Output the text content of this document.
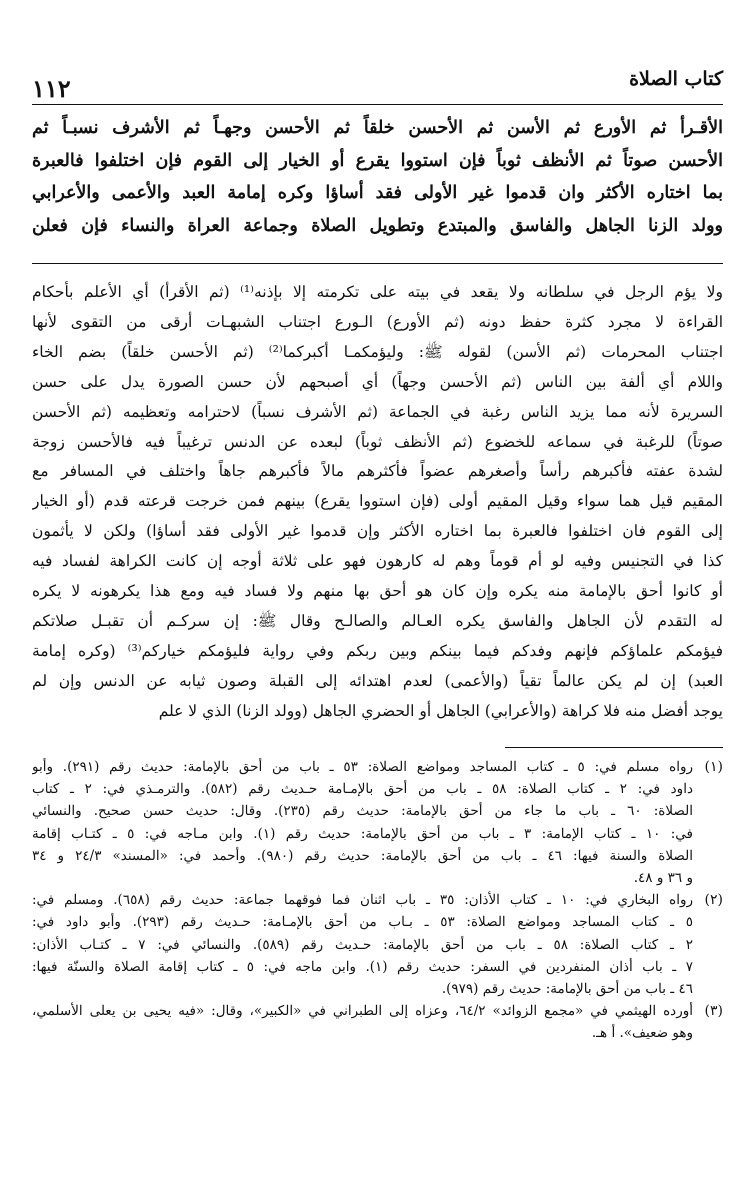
كتاب الصلاة
١١٢

الأقـرأ ثم الأورع ثم الأسن ثم الأحسن خلقاً ثم الأحسن وجهـاً ثم الأشرف نسبـاً ثم

الأحسن صوتاً ثم الأنظف ثوباً فإن استووا يقرع أو الخيار إلى القوم فإن اختلفوا فالعبرة

بما اختاره الأكثر وان قدموا غير الأولى فقد أساؤا وكره إمامة العبد والأعمى والأعرابي

وولد الزنا الجاهل والفاسق والمبتدع وتطويل الصلاة وجماعة العراة والنساء فإن فعلن

ولا يؤم الرجل في سلطانه ولا يقعد في بيته على تكرمته إلا بإذنه⁽¹⁾ (ثم الأقرأ) أي الأعلم بأحكام

القراءة لا مجرد كثرة حفظ دونه (ثم الأورع) الـورع اجتناب الشبهـات أرقى من التقوى لأنها

اجتناب المحرمات (ثم الأسن) لقوله ﷺ: وليؤمكمـا أكبركما⁽²⁾ (ثم الأحسن خلقاً) بضم الخاء

واللام أي ألفة بين الناس (ثم الأحسن وجهاً) أي أصبحهم لأن حسن الصورة يدل على حسن

السريرة لأنه مما يزيد الناس رغبة في الجماعة (ثم الأشرف نسباً) لاحترامه وتعظيمه (ثم الأحسن

صوتاً) للرغبة في سماعه للخضوع (ثم الأنظف ثوباً) لبعده عن الدنس ترغيباً فيه فالأحسن زوجة

لشدة عفته فأكبرهم رأساً وأصغرهم عضواً فأكثرهم مالاً فأكبرهم جاهاً واختلف في المسافر مع

المقيم قيل هما سواء وقيل المقيم أولى (فإن استووا يقرع) بينهم فمن خرجت قرعته قدم (أو الخيار

إلى القوم فان اختلفوا فالعبرة بما اختاره الأكثر وإن قدموا غير الأولى فقد أساؤا) ولكن لا يأثمون

كذا في التجنيس وفيه لو أم قوماً وهم له كارهون فهو على ثلاثة أوجه إن كانت الكراهة لفساد فيه

أو كانوا أحق بالإمامة منه يكره وإن كان هو أحق بها منهم ولا فساد فيه ومع هذا يكرهونه لا يكره

له التقدم لأن الجاهل والفاسق يكره العـالم والصالـح وقال ﷺ: إن سركـم أن تقبـل صلاتكم

فيؤمكم علماؤكم فإنهم وفدكم فيما بينكم وبين ربكم وفي رواية فليؤمكم خياركم⁽³⁾ (وكره إمامة

العبد) إن لم يكن عالماً تقياً (والأعمى) لعدم اهتدائه إلى القبلة وصون ثيابه عن الدنس وإن لم

يوجد أفضل منه فلا كراهة (والأعرابي) الجاهل أو الحضري الجاهل (وولد الزنا) الذي لا علم

(١)

رواه مسلم في: ٥ ـ كتاب المساجد ومواضع الصلاة: ٥٣ ـ باب من أحق بالإمامة: حديث رقم (٢٩١). وأبو

داود في: ٢ ـ كتاب الصلاة: ٥٨ ـ باب من أحق بالإمـامة حـديث رقم (٥٨٢). والترمـذي في: ٢ ـ كتاب

الصلاة: ٦٠ ـ باب ما جاء من أحق بالإمامة: حديث رقم (٢٣٥). وقال: حديث حسن صحيح. والنسائي

في: ١٠ ـ كتاب الإمامة: ٣ ـ باب من أحق بالإمامة: حديث رقم (١). وابن مـاجه في: ٥ ـ كتـاب إقامة

الصلاة والسنة فيها: ٤٦ ـ باب من أحق بالإمامة: حديث رقم (٩٨٠). وأحمد في: «المسند» ٢٤/٣ و ٣٤

و ٣٦ و ٤٨.

(٢)

رواه البخاري في: ١٠ ـ كتاب الأذان: ٣٥ ـ باب اثنان فما فوقهما جماعة: حديث رقم (٦٥٨). ومسلم في:

٥ ـ كتاب المساجد ومواضع الصلاة: ٥٣ ـ بـاب من أحق بالإمـامة: حـديث رقم (٢٩٣). وأبو داود في:

٢ ـ كتاب الصلاة: ٥٨ ـ باب من أحق بالإمامة: حـديث رقم (٥٨٩). والنسائي في: ٧ ـ كتـاب الأذان:

٧ ـ باب أذان المنفردين في السفر: حديث رقم (١). وابن ماجه في: ٥ ـ كتاب إقامة الصلاة والسنّة فيها:

٤٦ ـ باب من أحق بالإمامة: حديث رقم (٩٧٩).

(٣)

أورده الهيثمي في «مجمع الزوائد» ٦٤/٢، وعزاه إلى الطبراني في «الكبير»، وقال: «فيه يحيى بن يعلى الأسلمي،

وهو ضعيف». أ هـ.
